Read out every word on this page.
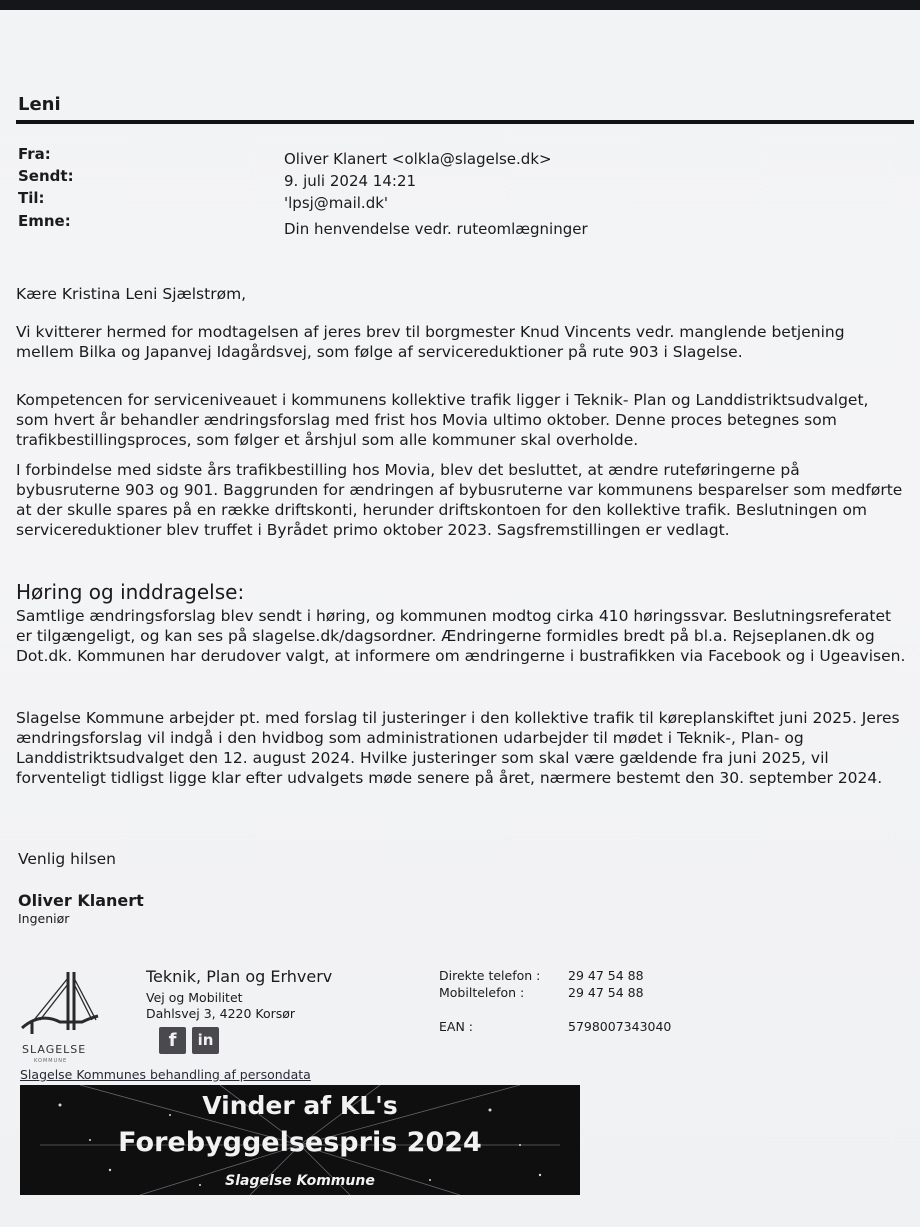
Leni
Fra:	Oliver Klanert <olkla@slagelse.dk>
Sendt:	9. juli 2024 14:21
Til:	'lpsj@mail.dk'
Emne:	Din henvendelse vedr. ruteomlægninger

Kære Kristina Leni Sjælstrøm,

Vi kvitterer hermed for modtagelsen af jeres brev til borgmester Knud Vincents vedr. manglende betjening mellem Bilka og Japanvej Idagårdsvej, som følge af servicereduktioner på rute 903 i Slagelse.

Kompetencen for serviceniveauet i kommunens kollektive trafik ligger i Teknik- Plan og Landdistriktsudvalget, som hvert år behandler ændringsforslag med frist hos Movia ultimo oktober. Denne proces betegnes som trafikbestillingsproces, som følger et årshjul som alle kommuner skal overholde.

I forbindelse med sidste års trafikbestilling hos Movia, blev det besluttet, at ændre ruteføringerne på bybusruterne 903 og 901. Baggrunden for ændringen af bybusruterne var kommunens besparelser som medførte at der skulle spares på en række driftskonti, herunder driftskontoen for den kollektive trafik. Beslutningen om servicereduktioner blev truffet i Byrådet primo oktober 2023. Sagsfremstillingen er vedlagt.

Høring og inddragelse:

Samtlige ændringsforslag blev sendt i høring, og kommunen modtog cirka 410 høringssvar. Beslutningsreferatet er tilgængeligt, og kan ses på slagelse.dk/dagsordner. Ændringerne formidles bredt på bl.a. Rejseplanen.dk og Dot.dk. Kommunen har derudover valgt, at informere om ændringerne i bustrafikken via Facebook og i Ugeavisen.

Slagelse Kommune arbejder pt. med forslag til justeringer i den kollektive trafik til køreplanskiftet juni 2025. Jeres ændringsforslag vil indgå i den hvidbog som administrationen udarbejder til mødet i Teknik-, Plan- og Landdistriktsudvalget den 12. august 2024. Hvilke justeringer som skal være gældende fra juni 2025, vil forventeligt tidligst ligge klar efter udvalgets møde senere på året, nærmere bestemt den 30. september 2024.

Venlig hilsen
Oliver Klanert
Ingeniør
SLAGELSE
KOMMUNE
Teknik, Plan og Erhverv
Vej og Mobilitet
Dahlsvej 3, 4220 Korsør
f	in
Direkte telefon : 29 47 54 88
Mobiltelefon :	29 47 54 88
EAN :	5798007343040
Slagelse Kommunes behandling af persondata
Vinder af KL's
Forebyggelsespris 2024
Slagelse Kommune
